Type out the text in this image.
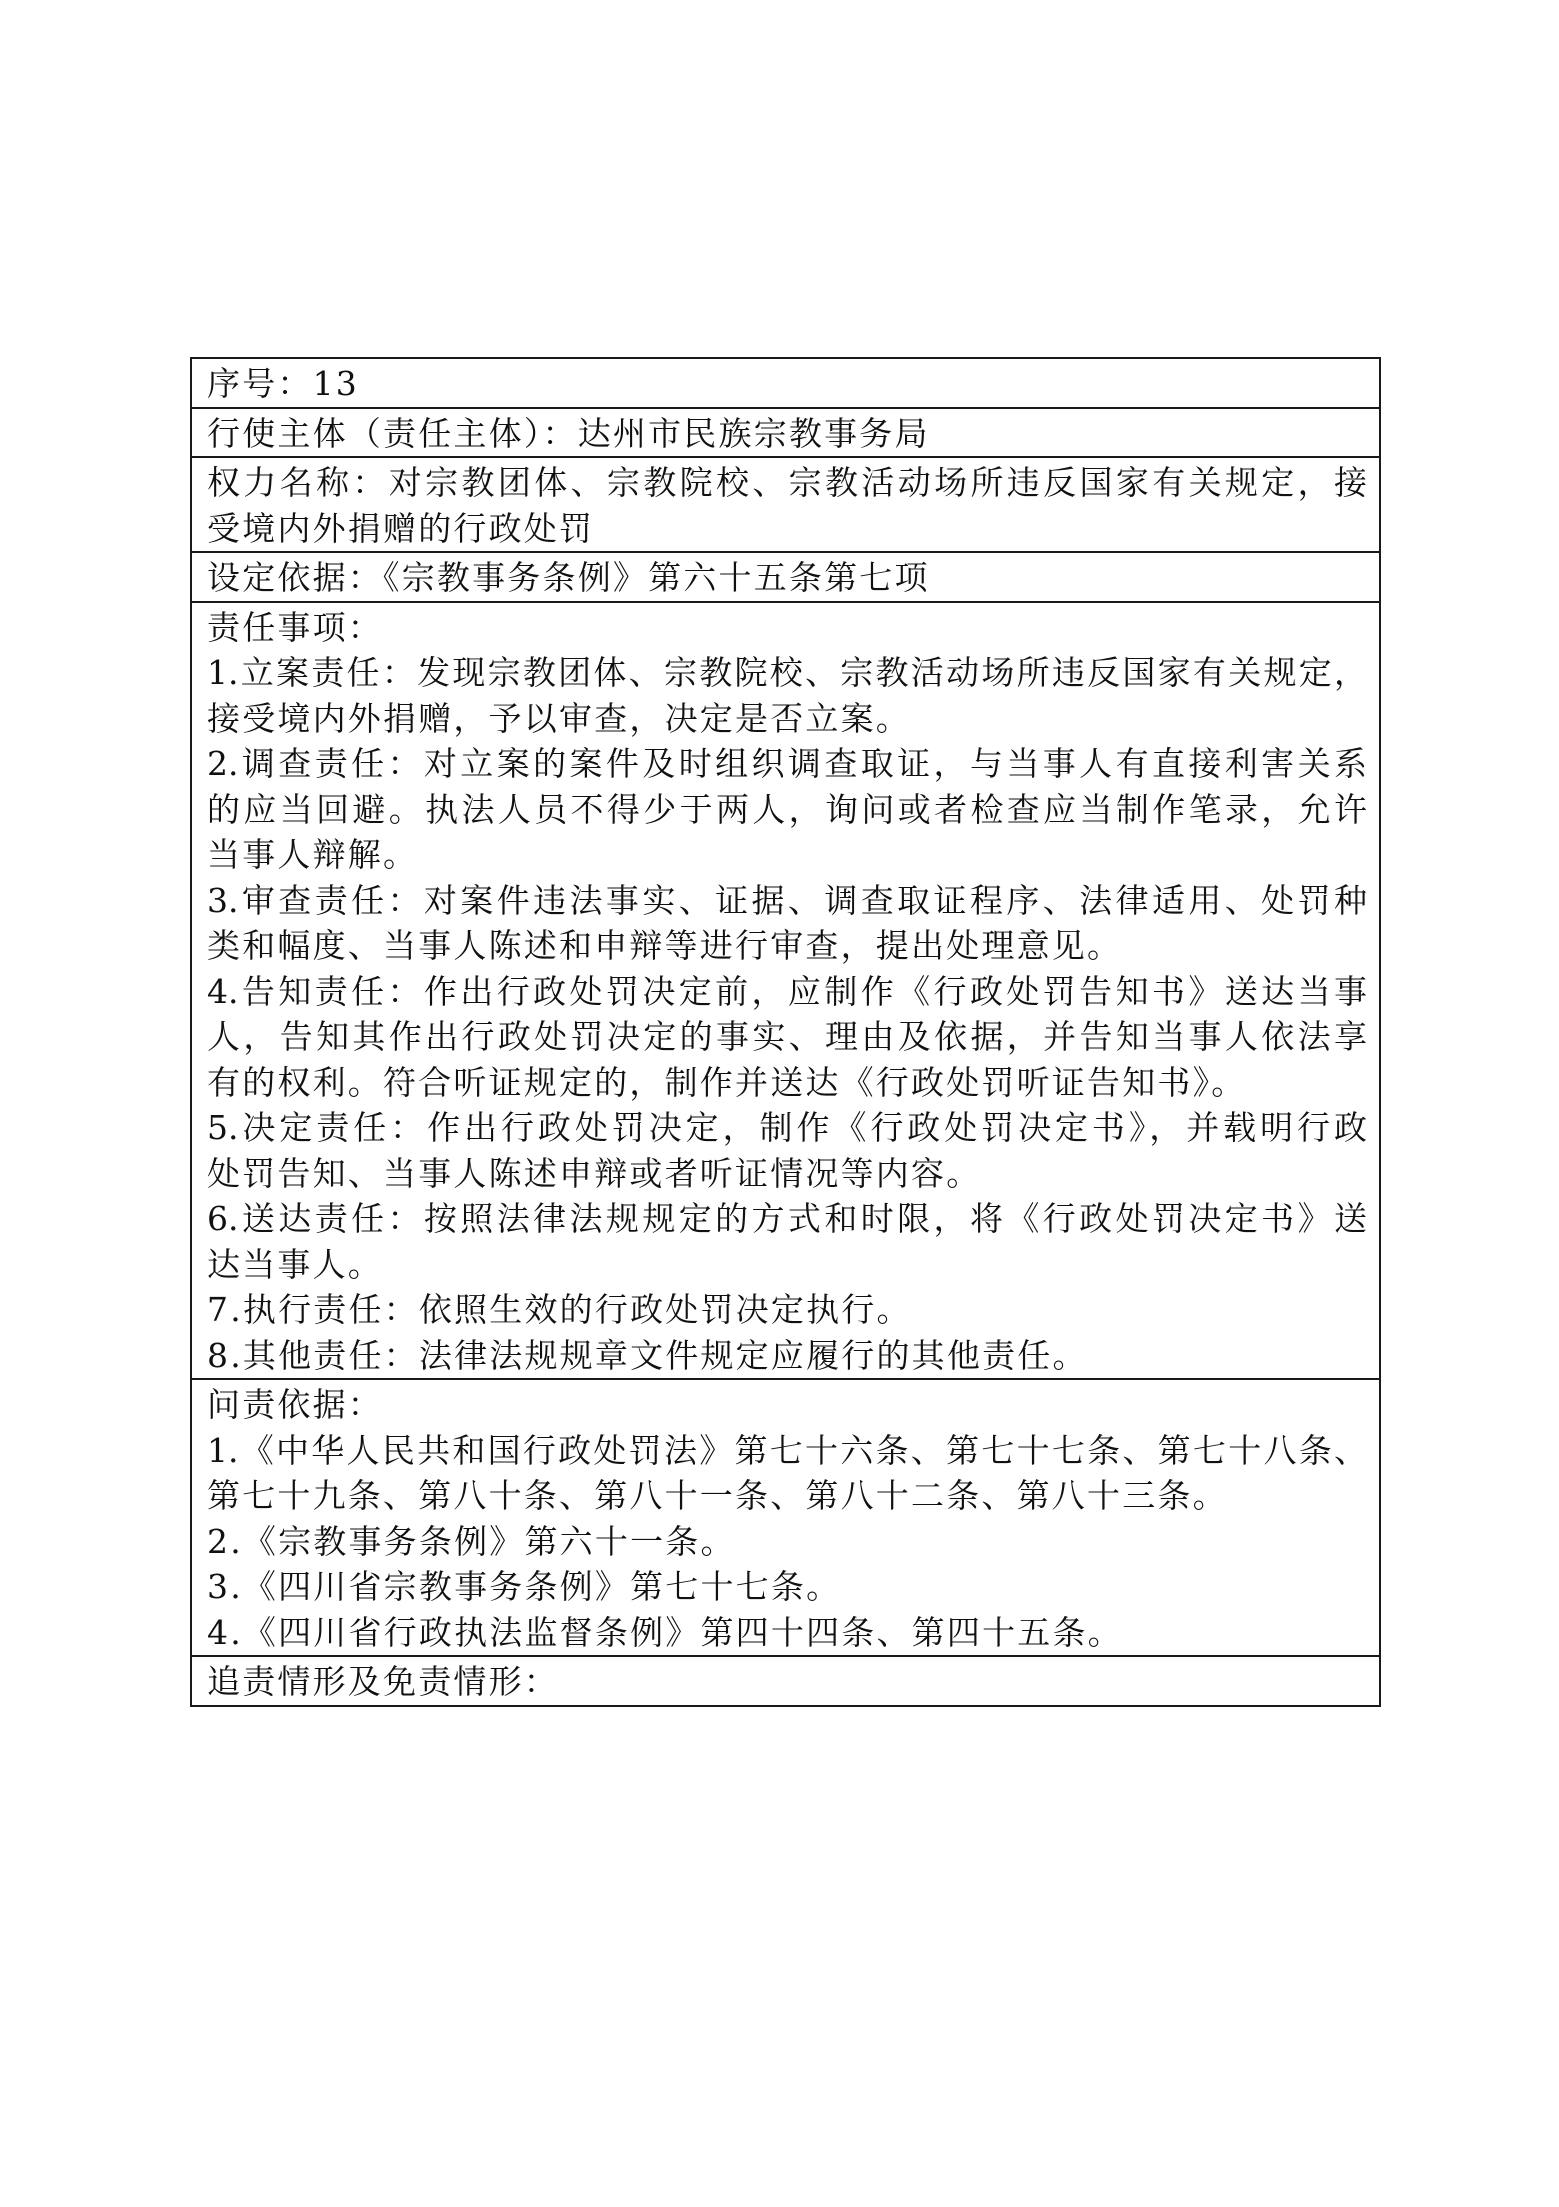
序号：13
行使主体（责任主体）：达州市民族宗教事务局
权力名称：对宗教团体、宗教院校、宗教活动场所违反国家有关规定，接
受境内外捐赠的行政处罚
设定依据：《宗教事务条例》第六十五条第七项
责任事项：
1.立案责任：发现宗教团体、宗教院校、宗教活动场所违反国家有关规定，
接受境内外捐赠，予以审查，决定是否立案。
2.调查责任：对立案的案件及时组织调查取证，与当事人有直接利害关系
的应当回避。执法人员不得少于两人，询问或者检查应当制作笔录，允许
当事人辩解。
3.审查责任：对案件违法事实、证据、调查取证程序、法律适用、处罚种
类和幅度、当事人陈述和申辩等进行审查，提出处理意见。
4.告知责任：作出行政处罚决定前，应制作《行政处罚告知书》送达当事
人，告知其作出行政处罚决定的事实、理由及依据，并告知当事人依法享
有的权利。符合听证规定的，制作并送达《行政处罚听证告知书》。
5.决定责任：作出行政处罚决定，制作《行政处罚决定书》，并载明行政
处罚告知、当事人陈述申辩或者听证情况等内容。
6.送达责任：按照法律法规规定的方式和时限，将《行政处罚决定书》送
达当事人。
7.执行责任：依照生效的行政处罚决定执行。
8.其他责任：法律法规规章文件规定应履行的其他责任。
问责依据：
1.《中华人民共和国行政处罚法》第七十六条、第七十七条、第七十八条、
第七十九条、第八十条、第八十一条、第八十二条、第八十三条。
2.《宗教事务条例》第六十一条。
3.《四川省宗教事务条例》第七十七条。
4.《四川省行政执法监督条例》第四十四条、第四十五条。
追责情形及免责情形：
